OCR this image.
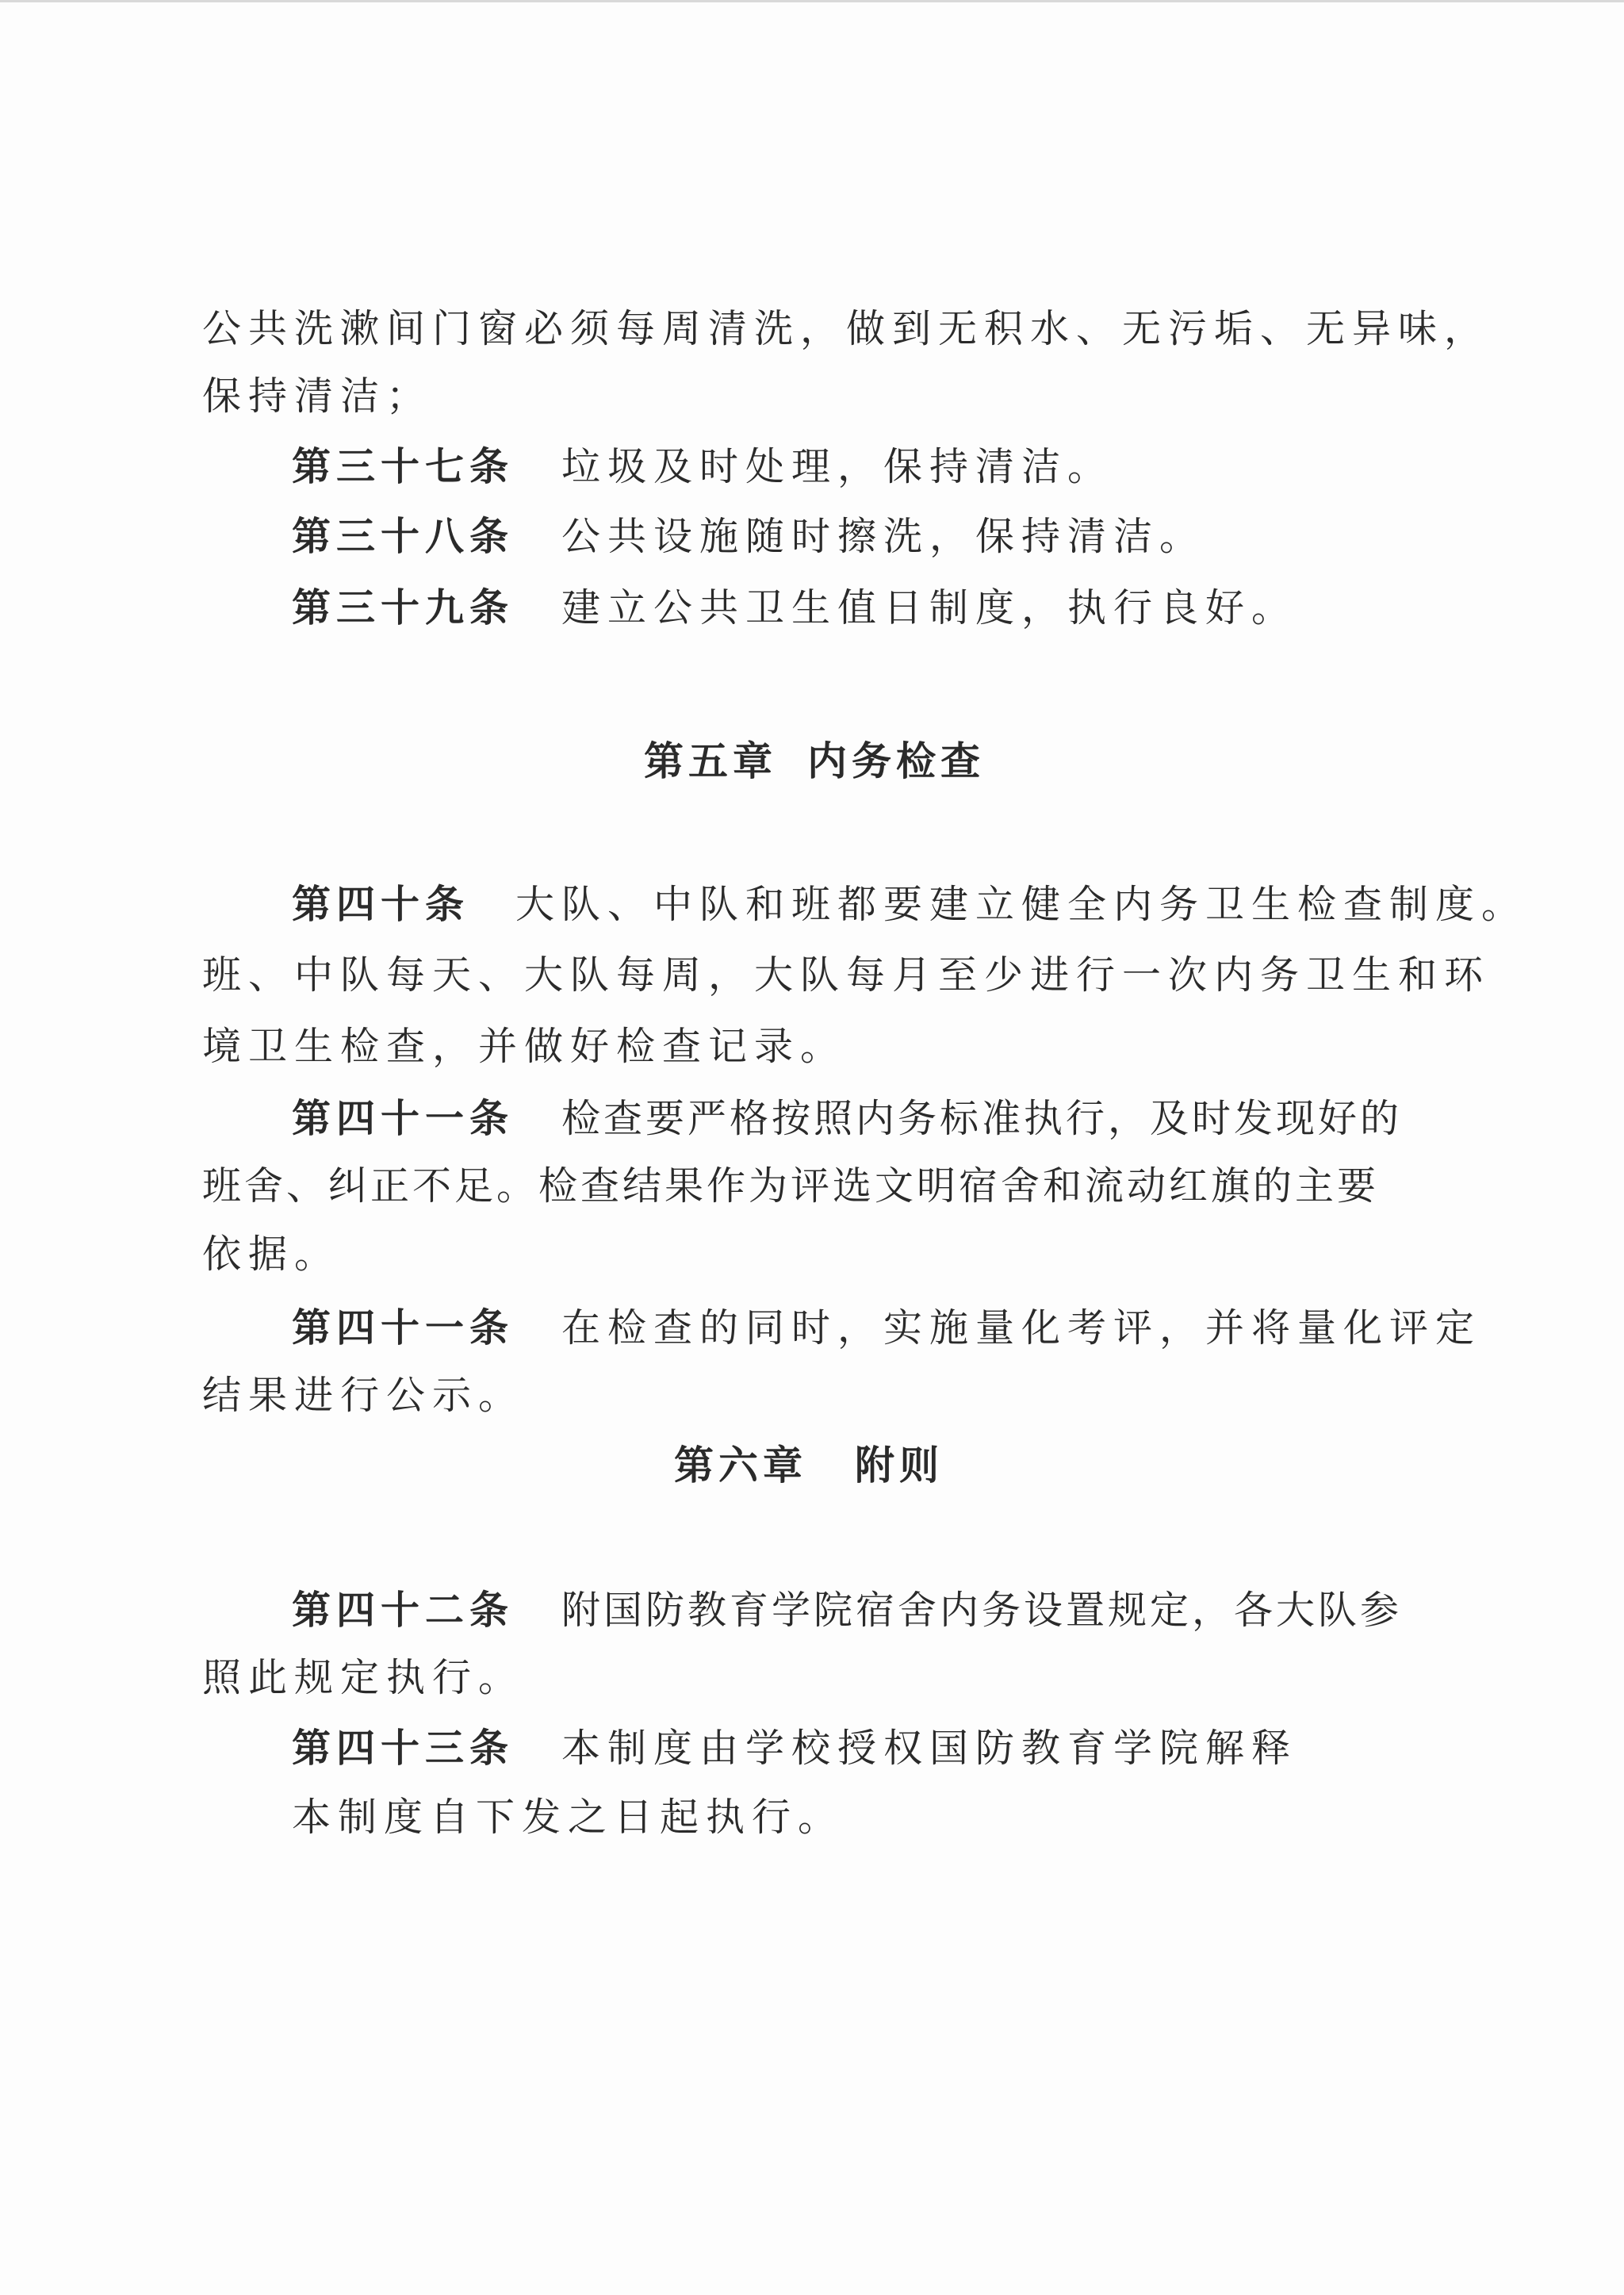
公共洗漱间门窗必须每周清洗，做到无积水、无污垢、无异味，
保持清洁；
第三十七条 垃圾及时处理，保持清洁。
第三十八条 公共设施随时擦洗，保持清洁。
第三十九条 建立公共卫生值日制度，执行良好。
第五章 内务检查
第四十条 大队、中队和班都要建立健全内务卫生检查制度。
班、中队每天、大队每周，大队每月至少进行一次内务卫生和环
境卫生检查，并做好检查记录。
第四十一条 检查要严格按照内务标准执行，及时发现好的
班舍、纠正不足。检查结果作为评选文明宿舍和流动红旗的主要
依据。
第四十一条 在检查的同时，实施量化考评，并将量化评定
结果进行公示。
第六章 附则
第四十二条 附国防教育学院宿舍内务设置规定，各大队参
照此规定执行。
第四十三条 本制度由学校授权国防教育学院解释
本制度自下发之日起执行。
